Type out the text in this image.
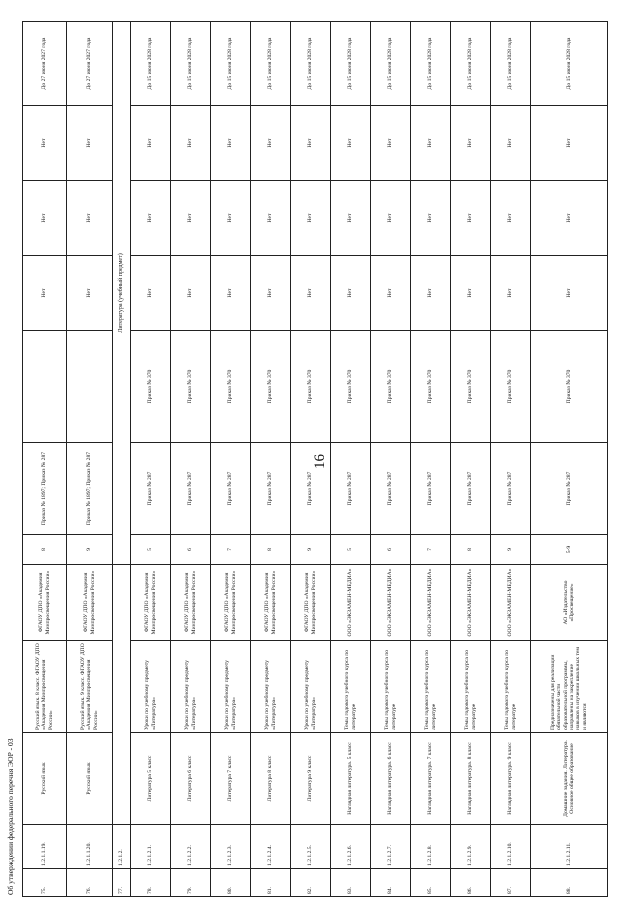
16
75.	1.2.1.1.19.	Русский язык	Русский язык. 8 класс. ФГАОУ ДПО «Академия Минпросвещения России»	ФГАОУ ДПО «Академия Минпросвещения России»	8	Приказ № 1897; Приказ № 287		Нет	Нет	Нет	До 27 июня 2027 года
76.	1.2.1.1.20.	Русский язык	Русский язык. 9 класс. ФГАОУ ДПО «Академия Минпросвещения России»	ФГАОУ ДПО «Академия Минпросвещения России»	9	Приказ № 1897; Приказ № 287		Нет	Нет	Нет	До 27 июня 2027 года
77.	1.2.1.2.				Литература (учебный предмет)						
78.	1.2.1.2.1.	Литература 5 класс	Уроки по учебному предмету «Литература»	ФГАОУ ДПО «Академия Минпросвещения России»	5	Приказ № 287	Приказ № 370	Нет	Нет	Нет	До 15 июня 2028 года
79.	1.2.1.2.2.	Литература 6 класс	Уроки по учебному предмету «Литература»	ФГАОУ ДПО «Академия Минпросвещения России»	6	Приказ № 287	Приказ № 370	Нет	Нет	Нет	До 15 июня 2028 года
80.	1.2.1.2.3.	Литература 7 класс	Уроки по учебному предмету «Литература»	ФГАОУ ДПО «Академия Минпросвещения России»	7	Приказ № 287	Приказ № 370	Нет	Нет	Нет	До 15 июня 2028 года
81.	1.2.1.2.4.	Литература 8 класс	Уроки по учебному предмету «Литература»	ФГАОУ ДПО «Академия Минпросвещения России»	8	Приказ № 287	Приказ № 370	Нет	Нет	Нет	До 15 июня 2028 года
82.	1.2.1.2.5.	Литература 9 класс	Уроки по учебному предмету «Литература»	ФГАОУ ДПО «Академия Минпросвещения России»	9	Приказ № 287	Приказ № 370	Нет	Нет	Нет	До 15 июня 2028 года
83.	1.2.1.2.6.	Наглядная литература. 5 класс	Темы годового учебного курса по литературе	ООО «ЭКЗАМЕН-МЕДИА»	5	Приказ № 287	Приказ № 370	Нет	Нет	Нет	До 15 июня 2028 года
84.	1.2.1.2.7.	Наглядная литература. 6 класс	Темы годового учебного курса по литературе	ООО «ЭКЗАМЕН-МЕДИА»	6	Приказ № 287	Приказ № 370	Нет	Нет	Нет	До 15 июня 2028 года
85.	1.2.1.2.8.	Наглядная литература. 7 класс	Темы годового учебного курса по литературе	ООО «ЭКЗАМЕН-МЕДИА»	7	Приказ № 287	Приказ № 370	Нет	Нет	Нет	До 15 июня 2028 года
86.	1.2.1.2.9.	Наглядная литература. 8 класс	Темы годового учебного курса по литературе	ООО «ЭКЗАМЕН-МЕДИА»	8	Приказ № 287	Приказ № 370	Нет	Нет	Нет	До 15 июня 2028 года
87.	1.2.1.2.10.	Наглядная литература. 9 класс	Темы годового учебного курса по литературе	ООО «ЭКЗАМЕН-МЕДИА»	9	Приказ № 287	Приказ № 370	Нет	Нет	Нет	До 15 июня 2028 года
88.	1.2.1.2.11.	Домашние задания. Литература. Основное общее образование	Предназначены для реализации обязательной части образовательной программы, направлены на закрепление навыков в изучении школьных тем и являются	АО «Издательство «Просвещение»	5-9	Приказ № 287	Приказ № 370	Нет	Нет	Нет	До 15 июня 2028 года
Об утверждении федерального перечня ЭОР - 03
